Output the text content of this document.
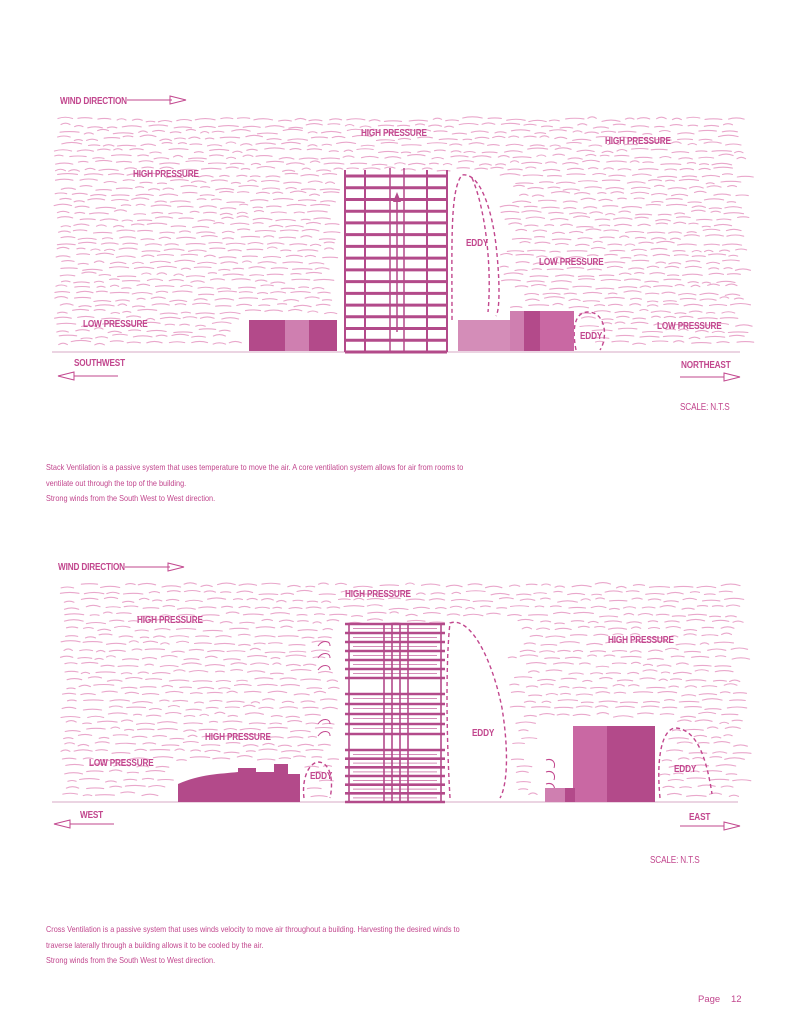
WIND DIRECTION
HIGH PRESSURE
HIGH PRESSURE
HIGH PRESSURE
EDDY
LOW PRESSURE
LOW PRESSURE	LOW PRESSURE
EDDY
SOUTHWEST	NORTHEAST
SCALE: N.T.S
Stack Ventilation is a passive system that uses temperature to move the air. A core ventilation system allows for air from rooms to
ventilate out through the top of the building.
Strong winds from the South West to West direction.
WIND DIRECTION
HIGH PRESSURE
HIGH PRESSURE
HIGH PRESSURE
HIGH PRESSURE
LOW PRESSURE
EDDY
EDDY
EDDY
WEST	EAST
SCALE: N.T.S
Cross Ventilation is a passive system that uses winds velocity to move air throughout a building. Harvesting the desired winds to
traverse laterally through a building allows it to be cooled by the air.
Strong winds from the South West to West direction.
Page 12
